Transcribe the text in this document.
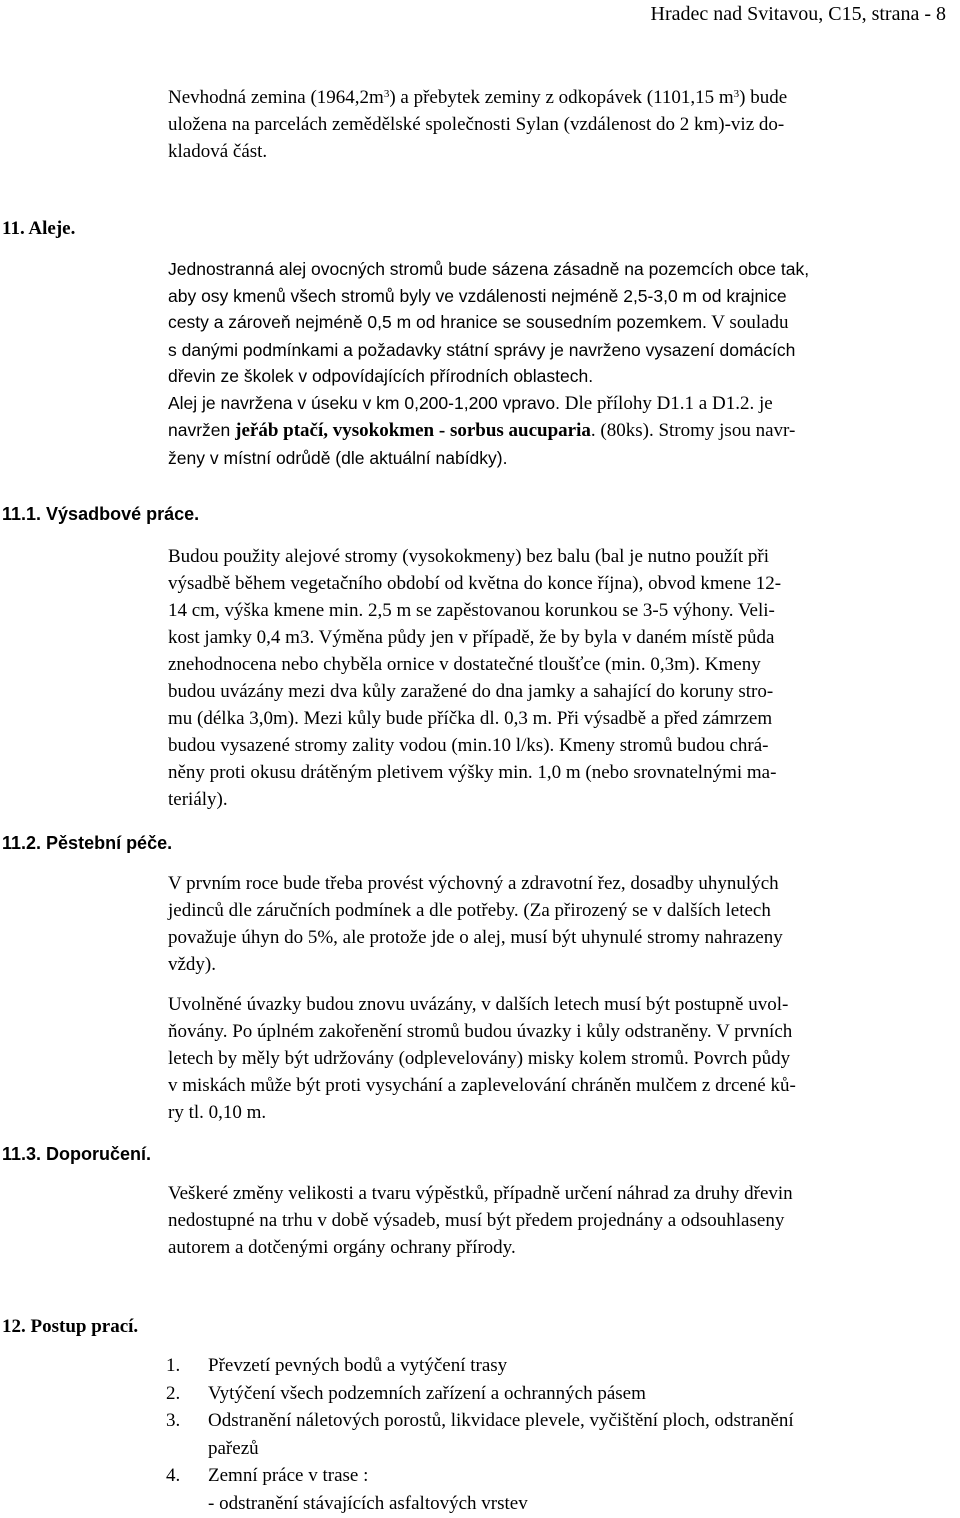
Hradec nad Svitavou, C15, strana - 8
Nevhodná zemina $(1964,2m^3)$ a přebytek zeminy z odkopávek (1101,15 $m^3$) bude
uložena na parcelách zemědělské společnosti Sylan (vzdálenost do 2 km)-viz do-
kladová část.
11. Aleje.
Jednostranná alej ovocných stromů bude sázena zásadně na pozemcích obce tak,
aby osy kmenů všech stromů byly ve vzdálenosti nejméně 2,5-3,0 m od krajnice
cesty a zároveň nejméně 0,5 m od hranice se sousedním pozemkem. V souladu
s danými podmínkami a požadavky státní správy je navrženo vysazení domácích
dřevin ze školek v odpovídajících přírodních oblastech.
Alej je navržena v úseku v km 0,200-1,200 vpravo. Dle přílohy D1.1 a D1.2. je
navržen jeřáb ptačí, vysokokmen - sorbus aucuparia. (80ks). Stromy jsou navr-
ženy v místní odrůdě (dle aktuální nabídky).
11.1. Výsadbové práce.
Budou použity alejové stromy (vysokokmeny) bez balu (bal je nutno použít při
výsadbě během vegetačního období od května do konce října), obvod kmene 12-
14 cm, výška kmene min. 2,5 m se zapěstovanou korunkou se 3-5 výhony. Veli-
kost jamky 0,4 m3. Výměna půdy jen v případě, že by byla v daném místě půda
znehodnocena nebo chyběla ornice v dostatečné tloušťce (min. 0,3m). Kmeny
budou uvázány mezi dva kůly zaražené do dna jamky a sahající do koruny stro-
mu (délka 3,0m). Mezi kůly bude příčka dl. 0,3 m. Při výsadbě a před zámrzem
budou vysazené stromy zality vodou (min.10 l/ks). Kmeny stromů budou chrá-
něny proti okusu drátěným pletivem výšky min. 1,0 m (nebo srovnatelnými ma-
teriály).
11.2. Pěstební péče.
V prvním roce bude třeba provést výchovný a zdravotní řez, dosadby uhynulých
jedinců dle záručních podmínek a dle potřeby. (Za přirozený se v dalších letech
považuje úhyn do 5%, ale protože jde o alej, musí být uhynulé stromy nahrazeny
vždy).
Uvolněné úvazky budou znovu uvázány, v dalších letech musí být postupně uvol-
ňovány. Po úplném zakořenění stromů budou úvazky i kůly odstraněny. V prvních
letech by měly být udržovány (odplevelovány) misky kolem stromů. Povrch půdy
v miskách může být proti vysychání a zaplevelování chráněn mulčem z drcené ků-
ry tl. 0,10 m.
11.3. Doporučení.
Veškeré změny velikosti a tvaru výpěstků, případně určení náhrad za druhy dřevin
nedostupné na trhu v době výsadeb, musí být předem projednány a odsouhlaseny
autorem a dotčenými orgány ochrany přírody.
12. Postup prací.
1.	Převzetí pevných bodů a vytýčení trasy
2.	Vytýčení všech podzemních zařízení a ochranných pásem
3.	Odstranění náletových porostů, likvidace plevele, vyčištění ploch, odstranění
pařezů
4.	Zemní práce v trase :
- odstranění stávajících asfaltových vrstev
